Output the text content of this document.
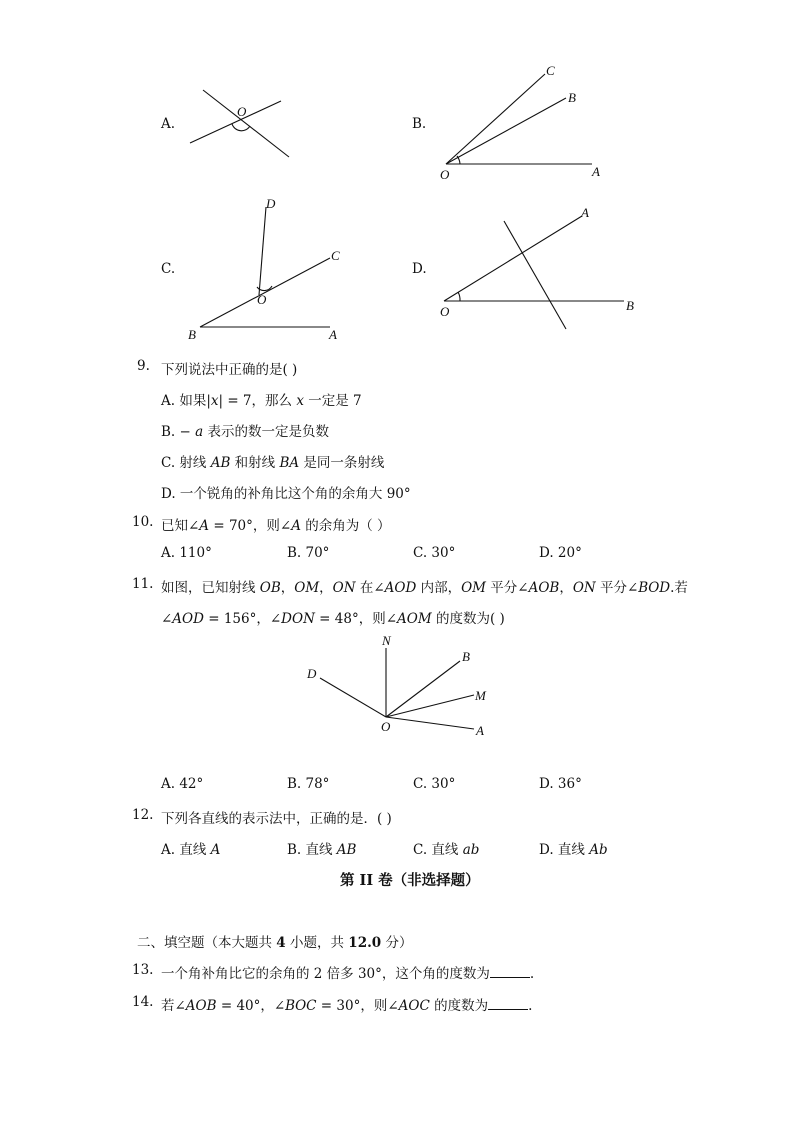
A.	B.
C.	D.
O
C
B
O	A
D
C
O
B	A
A
O	B
9. 下列说法中正确的是( )
A. 如果|𝑥| = 7，那么 𝑥 一定是 7
B. − 𝑎 表示的数一定是负数
C. 射线 𝐴𝐵 和射线 𝐵𝐴 是同一条射线
D. 一个锐角的补角比这个角的余角大 90°
10. 已知∠𝐴 = 70°，则∠𝐴 的余角为（ ）
A. 110°	B. 70°	C. 30°	D. 20°
11. 如图，已知射线 𝑂𝐵，𝑂𝑀，𝑂𝑁 在∠𝐴𝑂𝐷 内部，𝑂𝑀 平分∠𝐴𝑂𝐵，𝑂𝑁 平分∠𝐵𝑂𝐷.若
∠𝐴𝑂𝐷 = 156°，∠𝐷𝑂𝑁 = 48°，则∠𝐴𝑂𝑀 的度数为( )
N
B
D
M
O	A
A. 42°	B. 78°	C. 30°	D. 36°
12. 下列各直线的表示法中，正确的是．( )
A. 直线 𝐴	B. 直线 𝐴𝐵	C. 直线 𝑎𝑏	D. 直线 𝐴𝑏
第 II 卷（非选择题）
二、填空题（本大题共 4 小题，共 12.0 分）
13. 一个角补角比它的余角的 2 倍多 30°，这个角的度数为	.
14. 若∠𝐴𝑂𝐵 = 40°，∠𝐵𝑂𝐶 = 30°，则∠𝐴𝑂𝐶 的度数为	.
